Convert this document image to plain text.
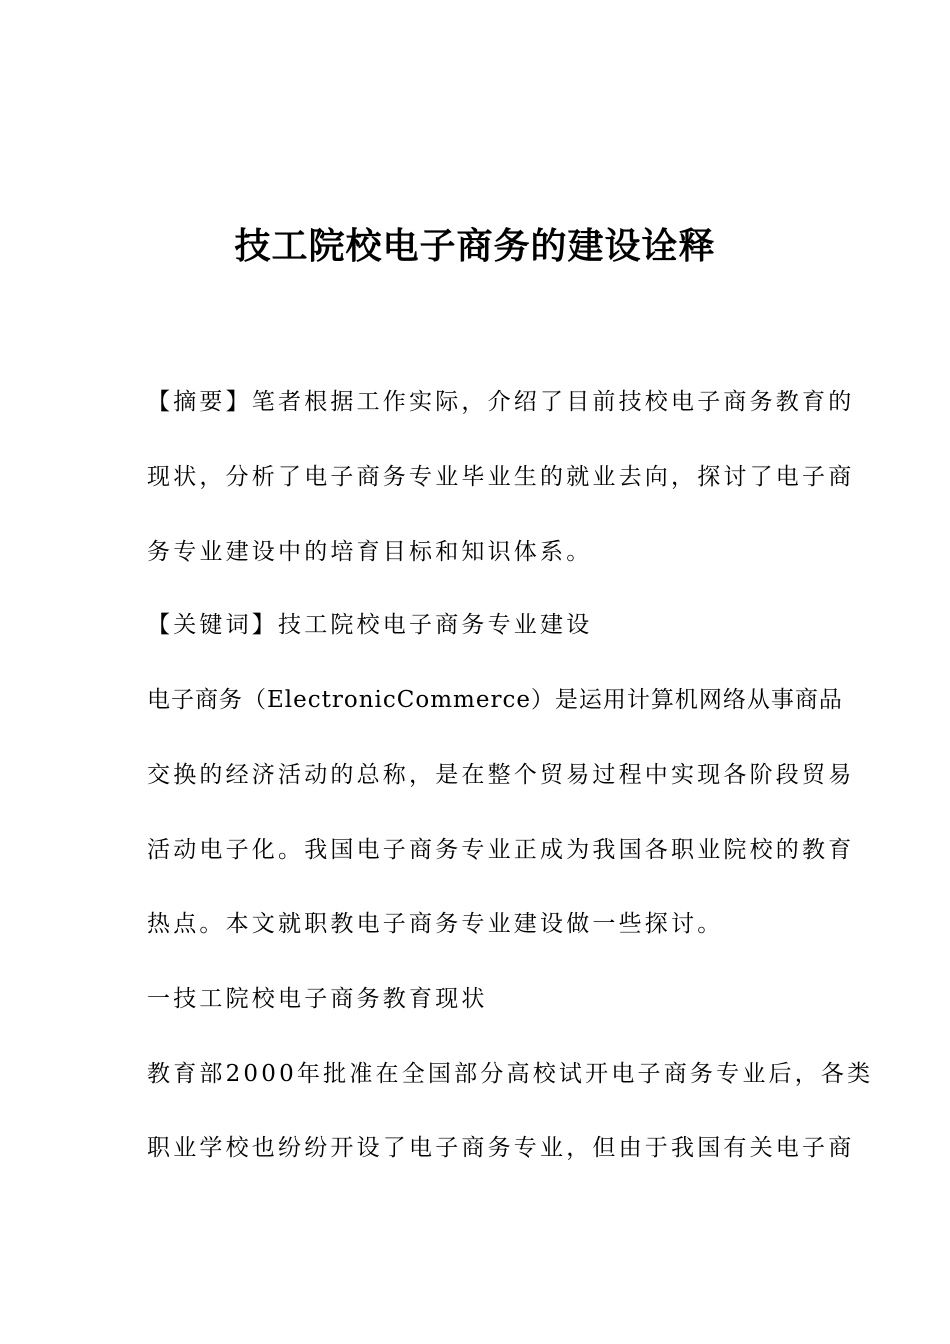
技工院校电子商务的建设诠释

【摘要】笔者根据工作实际，介绍了目前技校电子商务教育的

现状，分析了电子商务专业毕业生的就业去向，探讨了电子商

务专业建设中的培育目标和知识体系。

【关键词】技工院校电子商务专业建设

电子商务（ElectronicCommerce）是运用计算机网络从事商品

交换的经济活动的总称，是在整个贸易过程中实现各阶段贸易

活动电子化。我国电子商务专业正成为我国各职业院校的教育

热点。本文就职教电子商务专业建设做一些探讨。

一技工院校电子商务教育现状

教育部2000年批准在全国部分高校试开电子商务专业后，各类

职业学校也纷纷开设了电子商务专业，但由于我国有关电子商
